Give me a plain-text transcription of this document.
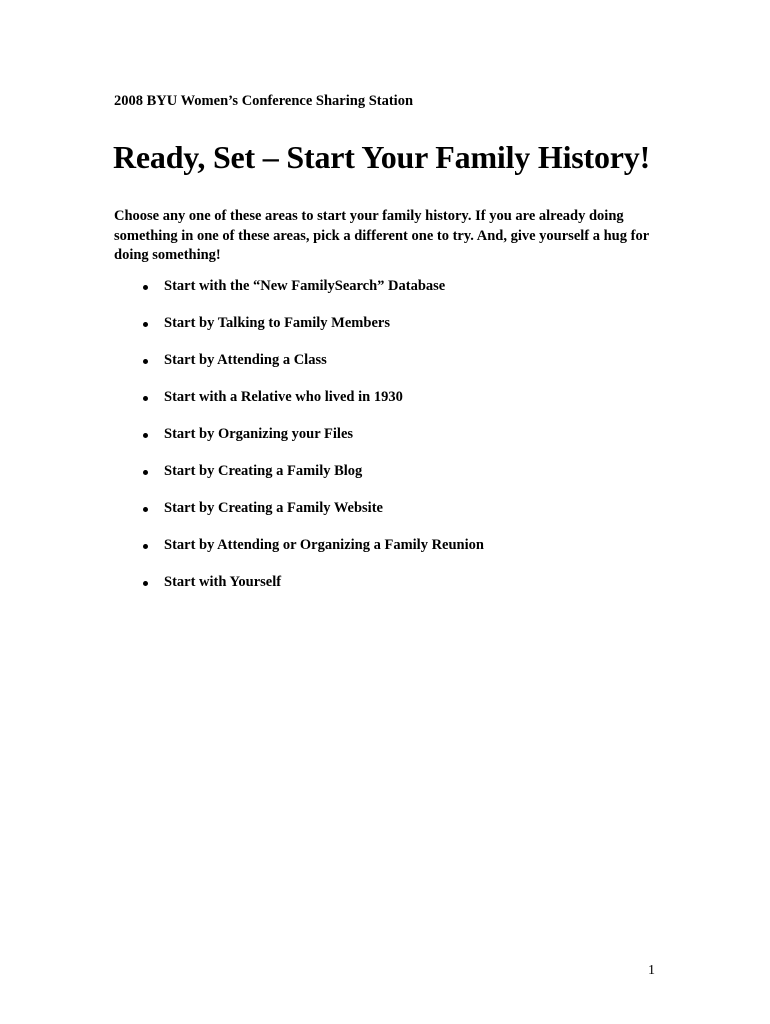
2008 BYU Women’s Conference Sharing Station

Ready, Set – Start Your Family History!

Choose any one of these areas to start your family history. If you are already doing something in one of these areas, pick a different one to try. And, give yourself a hug for doing something!

Start with the “New FamilySearch” Database
Start by Talking to Family Members
Start by Attending a Class
Start with a Relative who lived in 1930
Start by Organizing your Files
Start by Creating a Family Blog
Start by Creating a Family Website
Start by Attending or Organizing a Family Reunion
Start with Yourself

1
